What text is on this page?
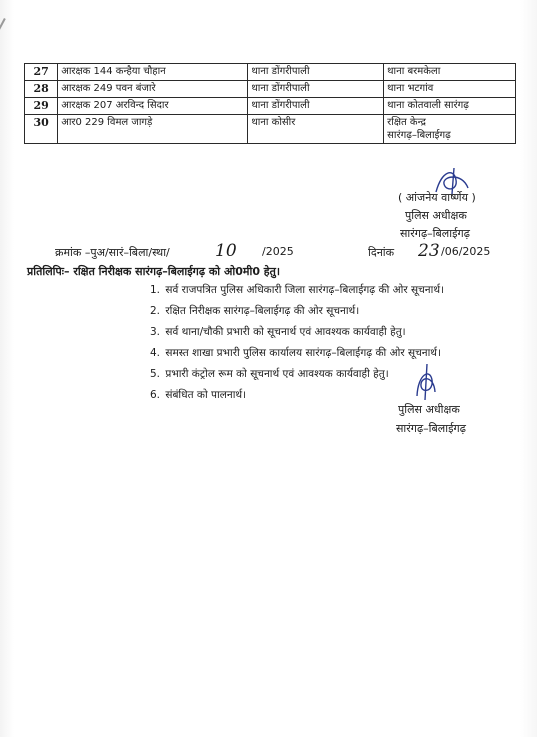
27	आरक्षक 144 कन्हैया चौहान	थाना डोंगरीपाली	थाना बरमकेला

28	आरक्षक 249 पवन बंजारे	थाना डोंगरीपाली	थाना भटगांव

29	आरक्षक 207 अरविन्द सिदार	थाना डोंगरीपाली	थाना कोतवाली सारंगढ़

30	आर0 229 विमल जागड़े	थाना कोसीर	रक्षित केन्द्र
सारंगढ़–बिलाईगढ़
( आंजनेय वार्ष्णेय )
पुलिस अधीक्षक
सारंगढ़–बिलाईगढ़
क्रमांक –पुअ/सारं–बिला/स्था/	10 /2025	दिनांक 23 /06/2025
प्रतिलिपिः– रक्षित निरीक्षक सारंगढ़–बिलाईगढ़ को ओ0मी0 हेतु।
1. सर्व राजपत्रित पुलिस अधिकारी जिला सारंगढ़–बिलाईगढ़ की ओर सूचनार्थ।
2. रक्षित निरीक्षक सारंगढ़–बिलाईगढ़ की ओर सूचनार्थ।
3. सर्व थाना/चौकी प्रभारी को सूचनार्थ एवं आवश्यक कार्यवाही हेतु।
4. समस्त शाखा प्रभारी पुलिस कार्यालय सारंगढ़–बिलाईगढ़ की ओर सूचनार्थ।
5. प्रभारी कंट्रोल रूम को सूचनार्थ एवं आवश्यक कार्यवाही हेतु।
6. संबंधित को पालनार्थ।
पुलिस अधीक्षक
सारंगढ़–बिलाईगढ़
